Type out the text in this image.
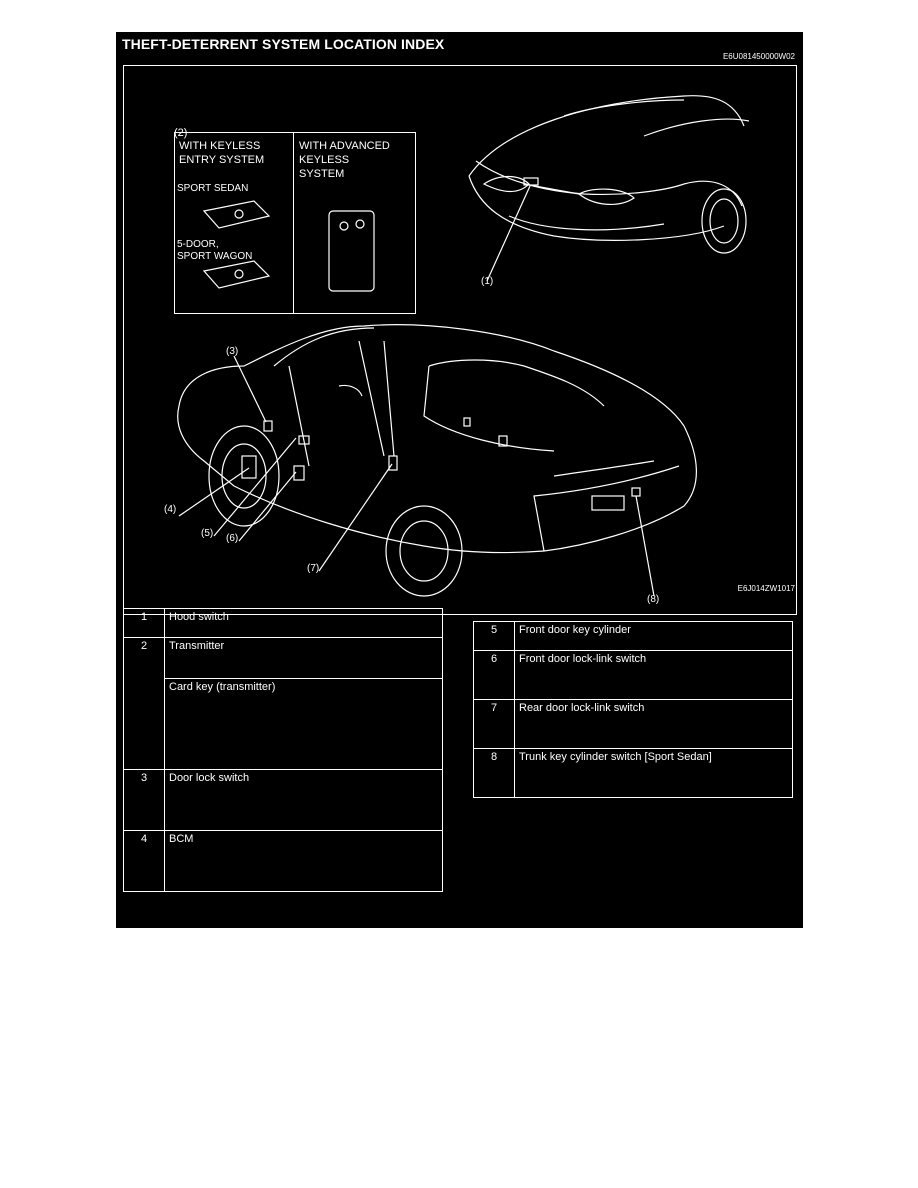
THEFT-DETERRENT SYSTEM LOCATION INDEX
E6U081450000W02
WITH KEYLESS
ENTRY SYSTEM
SPORT SEDAN
5-DOOR,
SPORT WAGON
WITH ADVANCED
KEYLESS
SYSTEM

(2)

(1)
(3)
(4)
(5) (6)
(7)
(8)
E6J014ZW1017
1	Hood switch
2	Transmitter
	Card key (transmitter)
3	Door lock switch
4	BCM
5	Front door key cylinder
6	Front door lock-link switch
7	Rear door lock-link switch
8	Trunk key cylinder switch [Sport Sedan]
